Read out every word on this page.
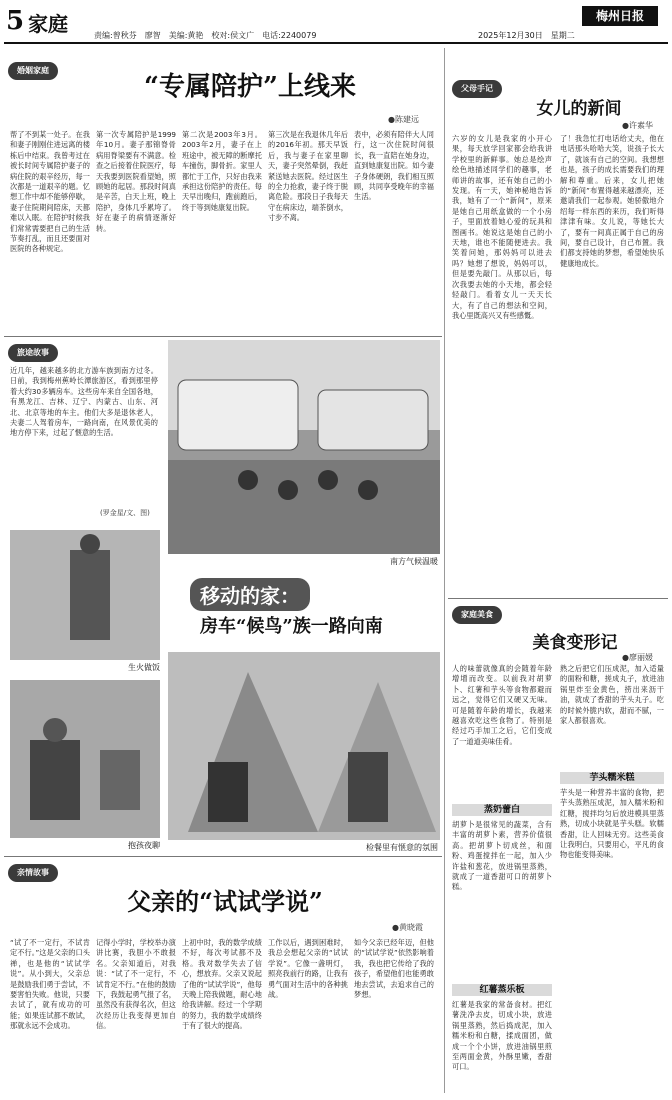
5 家庭	责编:曾秋芬　廖智　美编:黄艳　校对:侯文广　电话:2240079	2025年12月30日　星期二
梅州日报
婚姻家庭
“专属陪护”上线来
●陈建远
帮了不到某一处子。在我和妻子刚刚住进远离的楼栋后中结束。我曾考过在被长时间专属陪护妻子的病住院的艰辛经历，每一次都是一道艰辛的题。忆想工作中却不能够停歇，妻子住院期间陪床，天都难以入眠。在陪护时候我们常常需要把自己的生活节奏打乱，而且还要面对医院的各种规定。
第一次专属陪护是1999年10月。妻子那锦脊骨病用脊梁要有不满意。检查之后接着住院医疗，每天我要到医院看望她，照顾她的起居。那段时间真是辛苦，白天上班，晚上陪护，身体几乎累垮了。好在妻子的病情逐渐好转。
第二次是2003年3月。2003年2月，妻子在上班途中，被无障的断摩托车撞伤，脚骨折。家里人都忙于工作，只好由我来承担这份陪护的责任。每天早出晚归，跑前跑后，终于等到她康复出院。
第三次是在我退休几年后的2016年初。那天早饭后，我与妻子在家里聊天，妻子突然晕倒，我赶紧送她去医院。经过医生的全力抢救，妻子终于脱离危险。那段日子我每天守在病床边，端茶倒水，寸步不离。
表中，必须有陪伴大人同行，这一次住院时间很长，我一直陪在她身边，直到她康复出院。如今妻子身体硬朗，我们相互照顾，共同享受晚年的幸福生活。
父母手记
女儿的新间
●许素华
六岁的女儿是我家的小开心果，每天放学回家都会给我讲学校里的新鲜事。她总是绘声绘色地描述同学们的趣事，老师讲的故事，还有她自己的小发现。有一天，她神秘地告诉我，她有了一个“新间”，原来是她自己用纸盒做的一个小房子，里面放着她心爱的玩具和图画书。她说这是她自己的小天地，谁也不能随便进去。我笑着问她，那妈妈可以进去吗？她想了想说，妈妈可以，但是要先敲门。从那以后，每次我要去她的小天地，都会轻轻敲门。看着女儿一天天长大，有了自己的想法和空间，我心里既高兴又有些感慨。
了！我急忙打电话给丈夫，他在电话那头哈哈大笑，说孩子长大了，就该有自己的空间。我想想也是，孩子的成长需要我们的理解和尊重。后来，女儿把她的“新间”布置得越来越漂亮，还邀请我们一起参观。她骄傲地介绍每一样东西的来历，我们听得津津有味。女儿说，等她长大了，要有一间真正属于自己的房间，要自己设计，自己布置。我们都支持她的梦想，希望她快乐健康地成长。
旅途故事
近几年，越来越多的北方游车族到南方过冬。日前，我到梅州蕉岭长潭旅游区，看到那里停着大约30多辆房车。这些房车来自全国各地，有黑龙江、吉林、辽宁、内蒙古、山东、河北、北京等地的车主。他们大多是退休老人，夫妻二人驾着房车，一路向南，在风景优美的地方停下来，过起了惬意的生活。
(罗金星/文、图)
南方气候温暖
生火做饭
移动的家：
房车“候鸟”族一路向南
抱孩夜聊	检餐里有惬意的氛围
家庭美食
美食变形记
●廖丽媛
人的味蕾就像真的会随着年龄增增而改变。以前我对胡萝卜、红薯和芋头等食物都避而远之，觉得它们又硬又无味。可是随着年龄的增长，我越来越喜欢吃这些食物了。特别是经过巧手加工之后，它们变成了一道道美味佳肴。
蒸奶蕾白
胡萝卜是很常见的蔬菜，含有丰富的胡萝卜素，营养价值很高。把胡萝卜切成丝，和面粉、鸡蛋搅拌在一起，加入少许盐和葱花，放进锅里蒸熟，就成了一道香甜可口的胡萝卜糕。
红薯蒸乐板
红薯是我家的常备食材。把红薯洗净去皮，切成小块，放进锅里蒸熟，然后捣成泥，加入糯米粉和白糖，揉成面团，做成一个个小饼，放进油锅里煎至两面金黄，外酥里嫩，香甜可口。
熟之后把它们压成泥，加入适量的面粉和糖，搓成丸子，放进油锅里炸至金黄色，捞出来沥干油，就成了香甜的芋头丸子。吃的时候外脆内软，甜而不腻，一家人都很喜欢。
芋头糯米糕
芋头是一种营养丰富的食物，把芋头蒸熟压成泥，加入糯米粉和红糖，搅拌均匀后放进模具里蒸熟，切成小块就是芋头糕。软糯香甜，让人回味无穷。这些美食让我明白，只要用心，平凡的食物也能变得美味。
亲情故事
父亲的“试试学说”
●黄晓霞
“试了不一定行，不试肯定不行。”这是父亲的口头禅，也是他的“试试学说”。从小到大，父亲总是鼓励我们勇于尝试，不要害怕失败。他说，只要去试了，就有成功的可能；如果连试都不敢试，那就永远不会成功。
记得小学时，学校举办演讲比赛，我胆小不敢报名。父亲知道后，对我说：“试了不一定行，不试肯定不行。”在他的鼓励下，我鼓起勇气报了名，虽然没有获得名次，但这次经历让我变得更加自信。
上初中时，我的数学成绩不好，每次考试都不及格。我对数学失去了信心，想放弃。父亲又说起了他的“试试学说”，他每天晚上陪我做题，耐心地给我讲解。经过一个学期的努力，我的数学成绩终于有了很大的提高。
工作以后，遇到困难时，我总会想起父亲的“试试学说”。它像一盏明灯，照亮我前行的路，让我有勇气面对生活中的各种挑战。
如今父亲已经年迈，但他的“试试学说”依然影响着我，我也把它传给了我的孩子，希望他们也能勇敢地去尝试，去追求自己的梦想。
